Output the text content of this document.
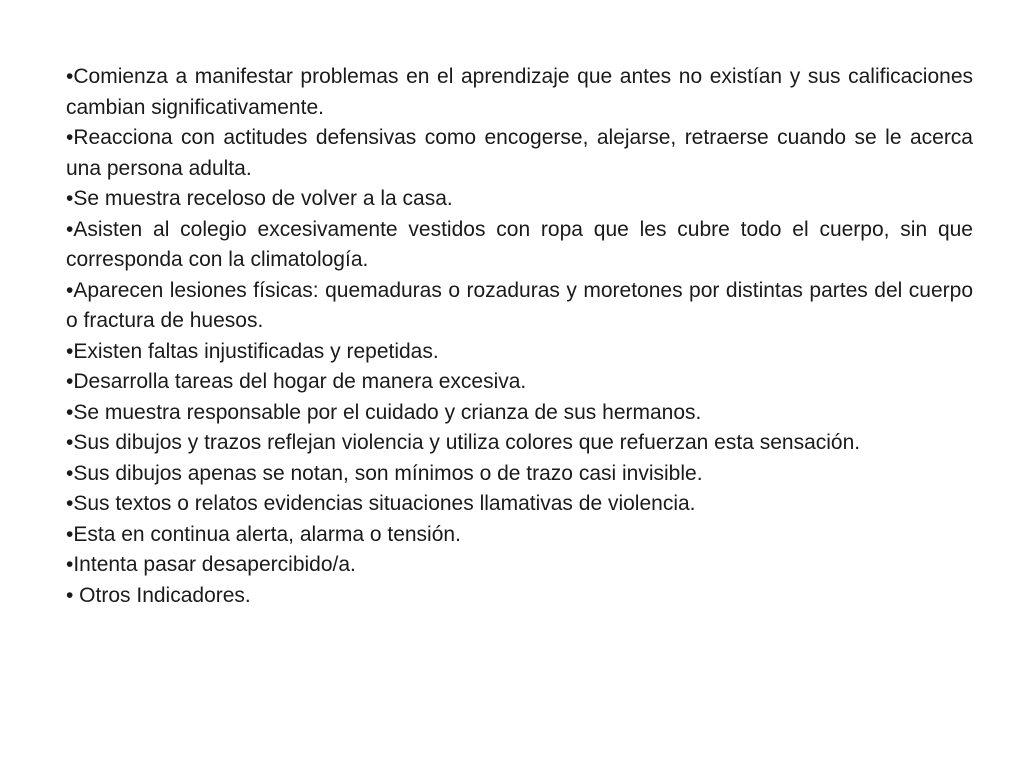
•Comienza a manifestar problemas en el aprendizaje que antes no existían y sus calificaciones cambian significativamente.

•Reacciona con actitudes defensivas como encogerse, alejarse, retraerse cuando se le acerca una persona adulta.

•Se muestra receloso de volver a la casa.

•Asisten al colegio excesivamente vestidos con ropa que les cubre todo el cuerpo, sin que corresponda con la climatología.

•Aparecen lesiones físicas: quemaduras o rozaduras y moretones por distintas partes del cuerpo o fractura de huesos.

•Existen faltas injustificadas y repetidas.

•Desarrolla tareas del hogar de manera excesiva.

•Se muestra responsable por el cuidado y crianza de sus hermanos.

•Sus dibujos y trazos reflejan violencia y utiliza colores que refuerzan esta sensación.

•Sus dibujos apenas se notan, son mínimos o de trazo casi invisible.

•Sus textos o relatos evidencias situaciones llamativas de violencia.

•Esta en continua alerta, alarma o tensión.

•Intenta pasar desapercibido/a.

• Otros Indicadores.
